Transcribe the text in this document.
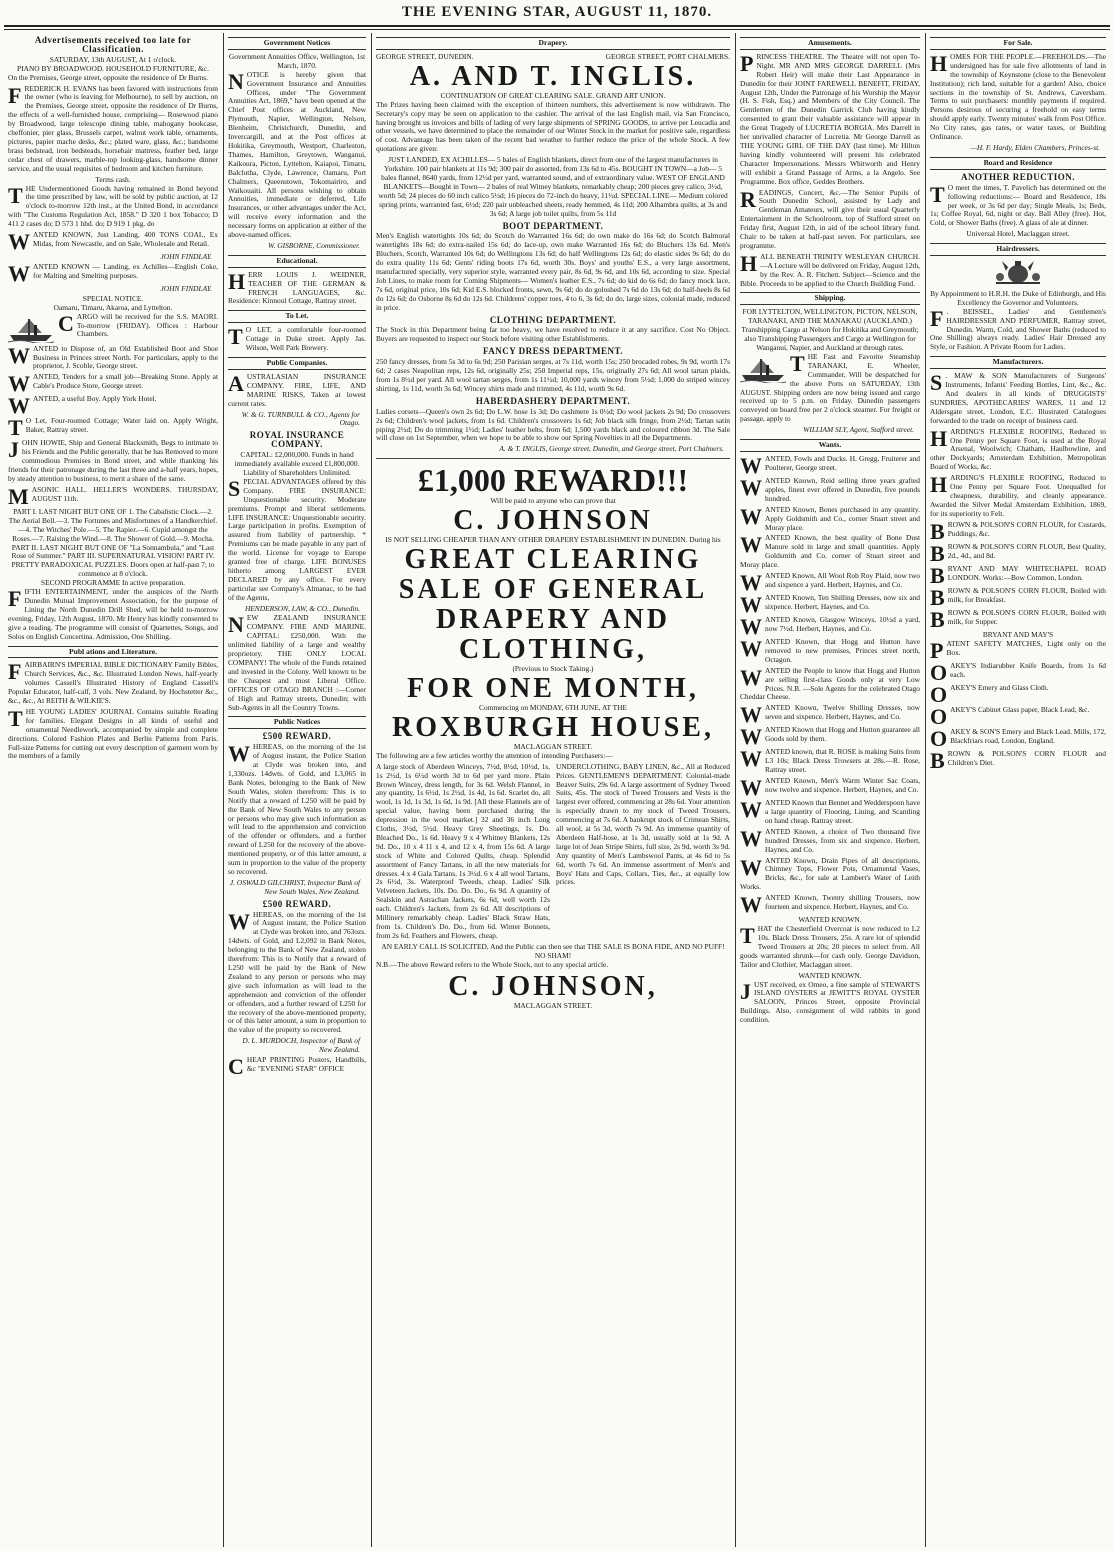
THE EVENING STAR, AUGUST 11, 1870.
Advertisements received too late for Classification.
SATURDAY, 13th AUGUST, At 1 o'clock.
PIANO BY BROADWOOD. HOUSEHOLD FURNITURE, &c.
On the Premises, George street, opposite the residence of Dr Burns.
FREDERICK H. EVANS has been favored with instructions from the owner (who is leaving for Melbourne), to sell by auction, on the Premises, George street, opposite the residence of Dr Burns, the effects of a well-furnished house, comprising— Rosewood piano by Broadwood, large telescope dining table, mahogany bookcase, cheffonier, pier glass, Brussels carpet, walnut work table, ornaments, pictures, papier mache desks, &c.; plated ware, glass, &c.; handsome brass bedstead, iron bedsteads, horsehair mattress, feather bed, large cedar chest of drawers, marble-top looking-glass, handsome dinner service, and the usual requisites of bedroom and kitchen furniture.
Terms cash.
THE Undermentioned Goods having remained in Bond beyond the time prescribed by law, will be sold by public auction, at 12 o'clock to-morrow 12th inst., at the United Bond, in accordance with "The Customs Regulation Act, 1858." D 320 1 box Tobacco; D 411 2 cases do; D 573 1 hhd. do; D 919 1 pkg. do
WANTED KNOWN, Just Landing, 400 TONS COAL, Ex Midas, from Newcastle, and on Sale, Wholesale and Retail.
JOHN FINDLAY.
WANTED KNOWN — Landing, ex Achilles—English Coke, for Malting and Smelting purposes.
JOHN FINDLAY.
SPECIAL NOTICE.
Oamaru, Timaru, Akaroa, and Lyttelton.
CARGO will be received for the S.S. MAORI. To-morrow (FRIDAY). Offices : Harbour Chambers.
WANTED to Dispose of, an Old Established Boot and Shoe Business in Princes street North. For particulars, apply to the proprietor, J. Scoble, George street.
WANTED, Tenders for a small job—Breaking Stone. Apply at Cable's Produce Store, George street.
WANTED, a useful Boy. Apply York Hotel.
T O Let, Four-roomed Cottage; Water laid on. Apply Wright, Baker, Rattray street.
JOHN HOWIE, Ship and General Blacksmith, Begs to intimate to his Friends and the Public generally, that he has Removed to more commodious Premises in Bond street, and while thanking his friends for their patronage during the last three and a-half years, hopes, by steady attention to business, to merit a share of the same.
MASONIC HALL. HELLER'S WONDERS. THURSDAY, AUGUST 11th.
PART I. LAST NIGHT BUT ONE OF 1. The Cabalistic Clock.—2. The Aerial Bell.—3. The Fortunes and Misfortunes of a Handkerchief.—4. The Witches' Pole.—5. The Rapier.—6. Cupid amongst the Roses.—7. Raising the Wind.—8. The Shower of Gold.—9. Mocha. PART II. LAST NIGHT BUT ONE OF "La Sonnambula," and "Last Rose of Summer." PART III. SUPERNATURAL VISION! PART IV. PRETTY PARADOXICAL PUZZLES. Doors open at half-past 7; to commence at 8 o'clock.
SECOND PROGRAMME In active preparation.
FIFTH ENTERTAINMENT, under the auspices of the North Dunedin Mutual Improvement Association, for the purpose of Lining the North Dunedin Drill Shed, will be held to-morrow evening, Friday, 12th August, 1870. Mr Henry has kindly consented to give a reading. The programme will consist of Quartettes, Songs, and Solos on English Concertina. Admission, One Shilling.
Publ ations and Literature.
FAIRBAIRN'S IMPERIAL BIBLE DICTIONARY Family Bibles, Church Services, &c., &c. Illustrated London News, half-yearly volumes Cassell's Illustrated History of England Cassell's Popular Educator, half-calf, 3 vols. New Zealand, by Hochstetter &c., &c., &c., At REITH & WILKIE'S.
THE YOUNG LADIES' JOURNAL Contains suitable Reading for families. Elegant Designs in all kinds of useful and ornamental Needlework, accompanied by simple and complete directions. Colored Fashion Plates and Berlin Patterns from Paris. Full-size Patterns for cutting out every description of garment worn by the members of a family
Government Notices
Government Annuities Office, Wellington, 1st March, 1870.
NOTICE is hereby given that Government Insurance and Annuities Offices, under "The Government Annuities Act, 1869," have been opened at the Chief Post offices at Auckland, New Plymouth, Napier, Wellington, Nelson, Blenheim, Christchurch, Dunedin, and Invercargill, and at the Post offices at Hokitika, Greymouth, Westport, Charleston, Thames, Hamilton, Greytown, Wanganui, Kaikoura, Picton, Lyttelton, Kaiapoi, Timaru, Balclutha, Clyde, Lawrence, Oamaru, Port Chalmers, Queenstown, Tokomairiro, and Waikouaiti. All persons wishing to obtain Annuities, immediate or deferred, Life Insurances, or other advantages under the Act, will receive every information and the necessary forms on application at either of the above-named offices.
W. GISBORNE, Commissioner.
Educational.
HERR LOUIS J. WEIDNER, TEACHER OF THE GERMAN & FRENCH LANGUAGES, &c. Residence: Kinnoul Cottage, Rattray street.
To Let.
T O LET, a comfortable four-roomed Cottage in Duke street. Apply Jas. Wilson, Well Park Brewery.
Public Companies.
AUSTRALASIAN INSURANCE COMPANY. FIRE, LIFE, AND MARINE RISKS, Taken at lowest current rates.
W. & G. TURNBULL & CO., Agents for Otago.
ROYAL INSURANCE COMPANY.
CAPITAL: £2,000,000. Funds in hand immediately available exceed £1,800,000. Liability of Shareholders Unlimited.
SPECIAL ADVANTAGES offered by this Company. FIRE INSURANCE: Unquestionable security. Moderate premiums. Prompt and liberal settlements. LIFE INSURANCE: Unquestionable security. Large participation in profits. Exemption of assured from liability of partnership. * Premiums can be made payable in any part of the world. License for voyage to Europe granted free of charge. LIFE BONUSES hitherto among LARGEST EVER DECLARED by any office. For every particular see Company's Almanac, to be had of the Agents,
HENDERSON, LAW, & CO., Dunedin.
NEW ZEALAND INSURANCE COMPANY. FIRE AND MARINE. CAPITAL: £250,000. With the unlimited liability of a large and wealthy proprietory. THE ONLY LOCAL COMPANY! The whole of the Funds retained and invested in the Colony. Well known to be the Cheapest and most Liberal Office. OFFICES OF OTAGO BRANCH :—Corner of High and Rattray streets, Dunedin; with Sub-Agents in all the Country Towns.
Public Notices
£500 REWARD.
WHEREAS, on the morning of the 1st of August instant, the Police Station at Clyde was broken into, and 1,330ozs. 14dwts. of Gold, and L3,065 in Bank Notes, belonging to the Bank of New South Wales, stolen therefrom: This is to Notify that a reward of L250 will be paid by the Bank of New South Wales to any person or persons who may give such information as will lead to the apprehension and conviction of the offender or offenders, and a further reward of L250 for the recovery of the above-mentioned property, or of this latter amount, a sum in proportion to the value of the property so recovered.
J. OSWALD GILCHRIST, Inspector Bank of New South Wales, New Zealand.
£500 REWARD.
WHEREAS, on the morning of the 1st of August instant, the Police Station at Clyde was broken into, and 763ozs. 14dwts. of Gold, and L2,092 in Bank Notes, belonging to the Bank of New Zealand, stolen therefrom: This is to Notify that a reward of L250 will be paid by the Bank of New Zealand to any person or persons who may give such information as will lead to the apprehension and conviction of the offender or offenders, and a further reward of L250 for the recovery of the above-mentioned property, or of this latter amount, a sum in proportion to the value of the property so recovered.
D. L. MURDOCH, Inspector of Bank of New Zealand.
CHEAP PRINTING Posters, Handbills, &c "EVENING STAR" OFFICE
Drapery.
GEORGE STREET, DUNEDIN.	GEORGE STREET, PORT CHALMERS.
A. AND T. INGLIS.
CONTINUATION OF GREAT CLEARING SALE. GRAND ART UNION.
The Prizes having been claimed with the exception of thirteen numbers, this advertisement is now withdrawn. The Secretary's copy may be seen on application to the cashier. The arrival of the last English mail, via San Francisco, having brought us invoices and bills of lading of very large shipments of SPRING GOODS, to arrive per Leucadia and other vessels, we have determined to place the remainder of our Winter Stock in the market for positive sale, regardless of cost. Advantage has been taken of the recent bad weather to further reduce the price of the whole Stock. A few quotations are given:
JUST LANDED, EX ACHILLES— 5 bales of English blankets, direct from one of the largest manufacturers in Yorkshire. 100 pair blankets at 11s 9d; 300 pair do assorted, from 13s 6d to 45s. BOUGHT IN TOWN—a Job— 5 bales flannel, 8640 yards, from 12½d per yard, warranted sound, and of extraordinary value. WEST OF ENGLAND BLANKETS—Bought in Town— 2 bales of real Witney blankets, remarkably cheap; 200 pieces grey calico, 3½d, worth 5d; 24 pieces do 60 inch calico 5½d; 16 pieces do 72-inch do heavy, 11½d. SPECIAL LINE— Medium colored spring prints, warranted fast, 6½d; 220 pair unbleached sheets, ready hemmed, 4s 11d; 200 Alhambra quilts, at 3s and 3s 6d; A large job toilet quilts, from 5s 11d
BOOT DEPARTMENT.
Men's English watertights 10s 6d; do Scotch do Warranted 16s 6d; do own make do 16s 6d; do Scotch Balmoral watertights 18s 6d; do extra-nailed 15s 6d; do lace-up, own make Warranted 16s 6d; do Bluchers 13s 6d. Men's Bluchers, Scotch, Warranted 10s 6d; do Wellingtons 13s 6d; do half Wellingtons 12s 6d; do elastic sides 9s 6d; do do do extra quality 11s 6d; Gents' riding boots 17s 6d, worth 30s. Boys' and youths' E.S., a very large assortment, manufactured specially, very superior style, warranted every pair, 8s 6d, 9s 6d, and 10s 6d, according to size. Special Job Lines, to make room for Coming Shipments— Women's leather E.S., 7s 6d; do kid do 6s 6d; do fancy mock lace, 7s 6d, original price, 10s 6d; Kid E.S. blocked fronts, sewn, 9s 6d; do do goloshed 7s 6d do 13s 6d; do half-heels 8s 6d do 12s 6d; do Osborne 8s 6d do 12s 6d. Childrens' copper toes, 4 to 6, 3s 6d; do do, large sizes, colonial made, reduced in price.
CLOTHING DEPARTMENT.
The Stock in this Department being far too heavy, we have resolved to reduce it at any sacrifice. Cost No Object. Buyers are requested to inspect our Stock before visiting other Establishments.
FANCY DRESS DEPARTMENT.
250 fancy dresses, from 5s 3d to 6s 9d; 250 Parisian serges, at 7s 11d, worth 15s; 250 brocaded robes, 9s 9d, worth 17s 6d; 2 cases Neapolitan reps, 12s 6d, originally 25s; 250 Imperial reps, 15s, originally 27s 6d; All wool tartan plaids, from 1s 8½d per yard. All wool tartan serges, from 1s 11½d; 10,000 yards wincey from 5½d; 1,000 do striped wincey shirting, 1s 11d, worth 3s 6d; Wincey shirts made and trimmed, 4s 11d, worth 9s 6d.
HABERDASHERY DEPARTMENT.
Ladies corsets—Queen's own 2s 6d; Do L.W. hose 1s 3d; Do cashmere 1s 0½d; Do wool jackets 2s 9d; Do crossovers 2s 6d; Children's wool jackets, from 1s 6d. Children's crossovers 1s 6d; Job black silk fringe, from 2½d; Tartan satin piping 2½d; Do do trimming 1½d; Ladies' leather belts, from 6d; 1,500 yards black and coloured ribbon 3d. The Sale will close on 1st September, when we hope to be able to show our Spring Novelties in all the Departments.
A. & T. INGLIS, George street, Dunedin, and George street, Port Chalmers.
£1,000 REWARD!!!
Will be paid to anyone who can prove that
C. JOHNSON
IS NOT SELLING CHEAPER THAN ANY OTHER DRAPERY ESTABLISHMENT IN DUNEDIN. During his
GREAT CLEARING SALE OF GENERAL DRAPERY AND CLOTHING,
(Previous to Stock Taking.)
FOR ONE MONTH,
Commencing on MONDAY, 6TH JUNE, AT THE
ROXBURGH HOUSE,
MACLAGGAN STREET.
The following are a few articles worthy the attention of intending Purchasers:—
A large stock of Aberdeen Winceys, 7½d, 8½d, 10½d, 1s, 1s 2½d, 1s 6½d worth 3d to 6d per yard more. Plain Brown Wincey, dress length, for 3s 6d. Welsh Flannel, in any quantity, 1s 6½d, 1s 2½d, 1s 4d, 1s 6d. Scarlet do, all wool, 1s 1d, 1s 3d, 1s 6d, 1s 9d. [All these Flannels are of special value, having been purchased during the depression in the wool market.] 32 and 36 inch Long Cloths, 3½d, 5½d. Heavy Grey Sheetings, 1s. Do. Bleached Do., 1s 6d. Heavy 9 x 4 Whitney Blankets, 12s 9d. Do., 10 x 4 11 x 4, and 12 x 4, from 15s 6d. A large stock of White and Colored Quilts, cheap. Splendid assortment of Fancy Tartans, in all the new materials for dresses. 4 x 4 Gala Tartans, 1s 3½d. 6 x 4 all wool Tartans, 2s 6½d, 3s. Waterproof Tweeds, cheap. Ladies' Silk Velveteen Jackets, 10s. Do. Do. Do., 6s 9d. A quantity of Sealskin and Astrachan Jackets, 6s 6d, well worth 12s each. Children's Jackets, from 2s 6d. All descriptions of Millinery remarkably cheap. Ladies' Black Straw Hats, from 1s. Children's Do. Do., from 6d. Winter Bonnets, from 2s 6d. Feathers and Flowers, cheap.
UNDERCLOTHING, BABY LINEN, &c., All at Reduced Prices. GENTLEMEN'S DEPARTMENT. Colonial-made Beaver Suits, 29s 6d. A large assortment of Sydney Tweed Suits, 45s. The stock of Tweed Trousers and Vests is the largest ever offered, commencing at 28s 6d. Your attention is especially drawn to my stock of Tweed Trousers, commencing at 7s 6d. A bankrupt stock of Crimean Shirts, all wool, at 5s 3d, worth 7s 9d. An immense quantity of Aberdeen Half-hose, at 1s 3d, usually sold at 1s 9d. A large lot of Jean Stripe Shirts, full size, 2s 9d, worth 3s 9d. Any quantity of Men's Lambswool Pants, at 4s 6d to 5s 6d, worth 7s 6d. An immense assortment of Men's and Boys' Hats and Caps, Collars, Ties, &c., at equally low prices.
AN EARLY CALL IS SOLICITED, And the Public can then see that THE SALE IS BONA FIDE, AND NO PUFF! NO SHAM!
N.B.—The above Reward refers to the Whole Stock, not to any special article.
C. JOHNSON,
MACLAGGAN STREET.
Amusements.
PRINCESS THEATRE. The Theatre will not open To-Night. MR AND MRS GEORGE DARRELL (Mrs Robert Heir) will make their Last Appearance in Dunedin for their JOINT FAREWELL BENEFIT, FRIDAY, August 12th, Under the Patronage of his Worship the Mayor (H. S. Fish, Esq.) and Members of the City Council. The Gentlemen of the Dunedin Garrick Club having kindly consented to grant their valuable assistance will appear in the Great Tragedy of LUCRETIA BORGIA. Mrs Darrell in her unrivalled character of Lucretia. Mr George Darrell as THE YOUNG GIRL OF THE DAY (last time). Mr Hilton having kindly volunteered will present his celebrated Character Impersonations. Messrs Whitworth and Henry will exhibit a Grand Passage of Arms, a la Angelo. See Programme. Box office, Geddes Brothers.
READINGS, Concert, &c.—The Senior Pupils of South Dunedin School, assisted by Lady and Gentleman Amateurs, will give their usual Quarterly Entertainment in the Schoolroom, top of Stafford street on Friday first, August 12th, in aid of the school library fund. Chair to be taken at half-past seven. For particulars, see programme.
HALL BENEATH TRINITY WESLEYAN CHURCH.—A Lecture will be delivered on Friday, August 12th, by the Rev. A. R. Fitchett. Subject—Science and the Bible. Proceeds to be applied to the Church Building Fund.
Shipping.
FOR LYTTELTON, WELLINGTON, PICTON, NELSON, TARANAKI, AND THE MANAKAU (AUCKLAND.) Transhipping Cargo at Nelson for Hokitika and Greymouth; also Transhipping Passengers and Cargo at Wellington for Wanganui, Napier, and Auckland at through rates.
THE Fast and Favorite Steamship TARANAKI, E. Wheeler, Commander, Will be despatched for the above Ports on SATURDAY, 13th AUGUST. Shipping orders are now being issued and cargo received up to 5 p.m. on Friday. Dunedin passengers conveyed on board free per 2 o'clock steamer. For freight or passage, apply to
WILLIAM SLY, Agent, Stafford street.
Wants.
WANTED, Fowls and Ducks. H. Gregg, Fruiterer and Poulterer, George street.
WANTED Known, Reid selling three years grafted apples, finest ever offered in Dunedin, five pounds hundred.
WANTED Known, Bones purchased in any quantity. Apply Goldsmith and Co., corner Stuart street and Moray place.
WANTED Known, the best quality of Bone Dust Manure sold in large and small quantities. Apply Goldsmith and Co. corner of Stuart street and Moray place.
WANTED Known, All Wool Rob Roy Plaid, now two and sixpence a yard. Herbert, Haynes, and Co.
WANTED Known, Ten Shilling Dresses, now six and sixpence. Herbert, Haynes, and Co.
WANTED Known, Glasgow Winceys, 10½d a yard, now 7½d. Herbert, Haynes, and Co.
WANTED Known, that Hogg and Hutton have removed to new premises, Princes street north, Octagon.
WANTED the People to know that Hogg and Hutton are selling first-class Goods only at very Low Prices. N.B. —Sole Agents for the celebrated Otago Cheddar Cheese.
WANTED Known, Twelve Shilling Dresses, now seven and sixpence. Herbert, Haynes, and Co.
WANTED Known that Hogg and Hutton guarantee all Goods sold by them.
WANTED known, that R. ROSE is making Suits from L3 10s; Black Dress Trowsers at 28s.—R. Rose, Rattray street.
WANTED Known, Men's Warm Winter Sac Coats, now twelve and sixpence. Herbert, Haynes, and Co.
WANTED Known that Bennet and Wedderspoon have a large quantity of Flooring, Lining, and Scantling on hand cheap. Rattray street.
WANTED Known, a choice of Two thousand five hundred Dresses, from six and sixpence. Herbert, Haynes, and Co.
WANTED Known, Drain Pipes of all descriptions, Chimney Tops, Flower Pots, Ornamental Vases, Bricks, &c., for sale at Lambert's Water of Leith Works.
WANTED Known, Twenty shilling Trousers, now fourteen and sixpence. Herbert, Haynes, and Co.
WANTED KNOWN.
THAT the Chesterfield Overcoat is now reduced to L2 10s. Black Dress Trousers, 25s. A rare lot of splendid Tweed Trousers at 20s; 20 pieces to select from. All goods warranted shrunk—for cash only. George Davidson, Tailor and Clothier, Maclaggan street.
WANTED KNOWN.
JUST received, ex Omeo, a fine sample of STEWART'S ISLAND OYSTERS at JEWITT'S ROYAL OYSTER SALOON, Princes Street, opposite Provincial Buildings. Also, consignment of wild rabbits in good condition.
For Sale.
HOMES FOR THE PEOPLE.—FREEHOLDS.—The undersigned has for sale five allotments of land in the township of Keynstone (close to the Benevolent Institution); rich land, suitable for a garden! Also, choice sections in the township of St. Andrews, Caversham. Terms to suit purchasers: monthly payments if required. Persons desirous of securing a freehold on easy terms should apply early. Twenty minutes' walk from Post Office. No City rates, gas rates, or water taxes, or Building Ordinance.
—H. F. Hardy, Elden Chambers, Princes-st.
Board and Residence
ANOTHER REDUCTION.
T O meet the times, T. Pavelich has determined on the following reductions:— Board and Residence, 18s per week, or 3s 6d per day; Single Meals, 1s; Beds, 1s; Coffee Royal, 6d, night or day. Ball Alley (free). Hot, Cold, or Shower Baths (free). A glass of ale at dinner.
Universal Hotel, Maclaggan street.
Hairdressers.
By Appointment to H.R.H. the Duke of Edinburgh, and His Excellency the Governor and Volunteers.
F . BEISSEL, Ladies' and Gentlemen's HAIRDRESSER AND PERFUMER, Rattray street, Dunedin. Warm, Cold, and Shower Baths (reduced to One Shilling) always ready. Ladies' Hair Dressed any Style, or Fashion. A Private Room for Ladies.
Manufacturers.
S . MAW & SON Manufacturers of Surgeons' Instruments, Infants' Feeding Bottles, Lint, &c., &c. And dealers in all kinds of DRUGGISTS' SUNDRIES, APOTHECARIES' WARES, 11 and 12 Aldersgate street, London, E.C. Illustrated Catalogues forwarded to the trade on receipt of business card.
HARDING'S FLEXIBLE ROOFING, Reduced to One Penny per Square Foot, is used at the Royal Arsenal, Woolwich; Chatham, Haulbowline, and other Dockyards; Amsterdam Exhibition, Metropolitan Board of Works, &c.
HARDING'S FLEXIBLE ROOFING, Reduced to One Penny per Square Foot. Unequalled for cheapness, durability, and cleanly appearance. Awarded the Silver Medal Amsterdam Exhibition, 1869, for its superiority to Felt.
BROWN & POLSON'S CORN FLOUR, for Custards, Puddings, &c.
BROWN & POLSON'S CORN FLOUR, Best Quality, 2d., 4d., and 8d.
BRYANT AND MAY WHITECHAPEL ROAD LONDON. Works:—Bow Common, London.
BROWN & POLSON'S CORN FLOUR, Boiled with milk, for Breakfast.
BROWN & POLSON'S CORN FLOUR, Boiled with milk, for Supper.
BRYANT AND MAY'S
PATENT SAFETY MATCHES, Light only on the Box.
OAKEY'S Indiarubber Knife Boards, from 1s 6d each.
OAKEY'S Emery and Glass Cloth.
OAKEY'S Cabinet Glass paper, Black Lead, &c.
OAKEY & SON'S Emery and Black Lead. Mills, 172, Blackfriars road, London, England.
BROWN & POLSON'S CORN FLOUR and Children's Diet.
